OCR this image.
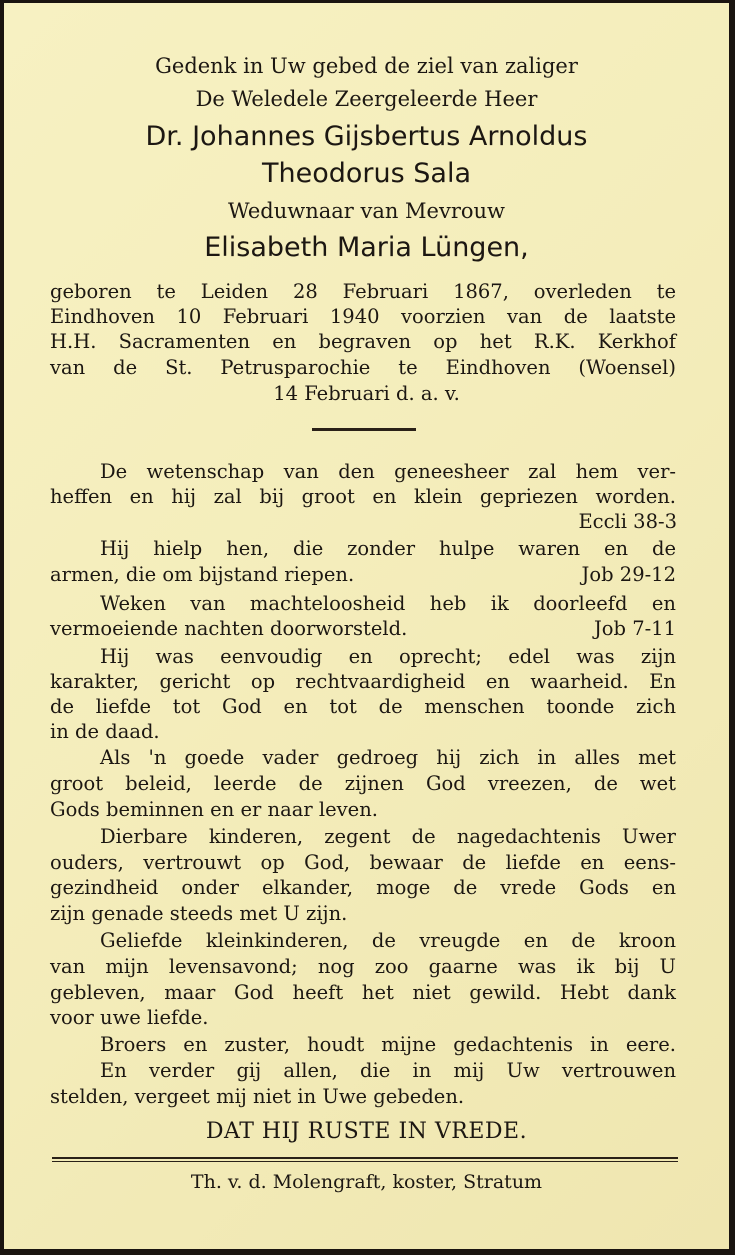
Gedenk in Uw gebed de ziel van zaliger
De Weledele Zeergeleerde Heer
Dr. Johannes Gijsbertus Arnoldus
Theodorus Sala
Weduwnaar van Mevrouw
Elisabeth Maria Lüngen,
geboren te Leiden 28 Februari 1867, overleden te
Eindhoven 10 Februari 1940 voorzien van de laatste
H.H. Sacramenten en begraven op het R.K. Kerkhof
van de St. Petrusparochie te Eindhoven (Woensel)
14 Februari d. a. v.
De wetenschap van den geneesheer zal hem ver-
heffen en hij zal bij groot en klein gepriezen worden.
Eccli 38-3
Hij hielp hen, die zonder hulpe waren en de
armen, die om bijstand riepen.	Job 29-12
Weken van machteloosheid heb ik doorleefd en
vermoeiende nachten doorworsteld.	Job 7-11
Hij was eenvoudig en oprecht; edel was zijn
karakter, gericht op rechtvaardigheid en waarheid. En
de liefde tot God en tot de menschen toonde zich
in de daad.
Als 'n goede vader gedroeg hij zich in alles met
groot beleid, leerde de zijnen God vreezen, de wet
Gods beminnen en er naar leven.
Dierbare kinderen, zegent de nagedachtenis Uwer
ouders, vertrouwt op God, bewaar de liefde en eens-
gezindheid onder elkander, moge de vrede Gods en
zijn genade steeds met U zijn.
Geliefde kleinkinderen, de vreugde en de kroon
van mijn levensavond; nog zoo gaarne was ik bij U
gebleven, maar God heeft het niet gewild. Hebt dank
voor uwe liefde.
Broers en zuster, houdt mijne gedachtenis in eere.
En verder gij allen, die in mij Uw vertrouwen
stelden, vergeet mij niet in Uwe gebeden.
DAT HIJ RUSTE IN VREDE.
Th. v. d. Molengraft, koster, Stratum
